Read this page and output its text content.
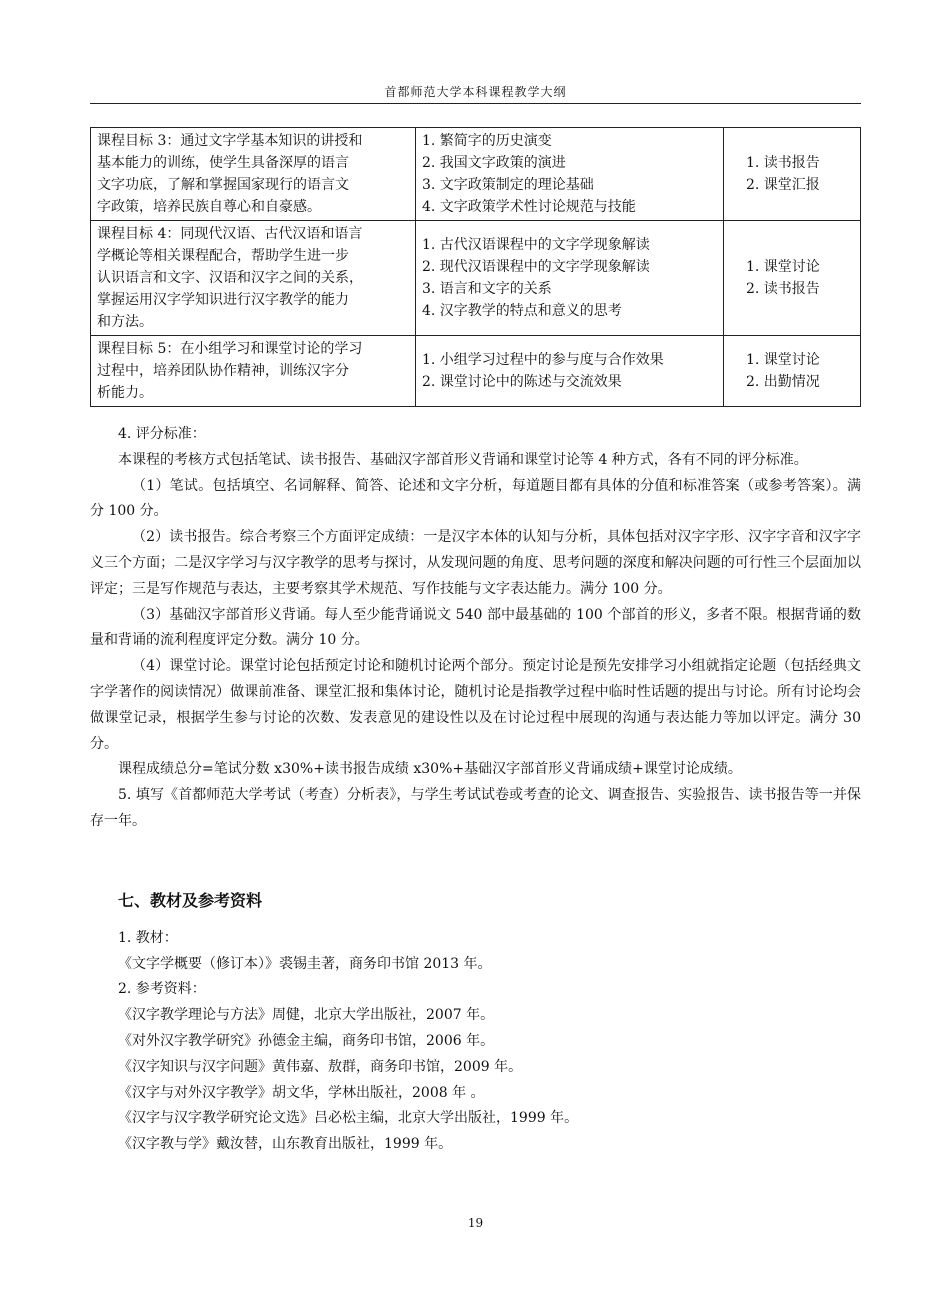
首都师范大学本科课程教学大纲
课程目标 3：通过文字学基本知识的讲授和
基本能力的训练，使学生具备深厚的语言
文字功底，了解和掌握国家现行的语言文
字政策，培养民族自尊心和自豪感。	1. 繁简字的历史演变
2. 我国文字政策的演进
3. 文字政策制定的理论基础
4. 文字政策学术性讨论规范与技能	1. 读书报告
2. 课堂汇报

课程目标 4：同现代汉语、古代汉语和语言
学概论等相关课程配合，帮助学生进一步
认识语言和文字、汉语和汉字之间的关系，
掌握运用汉字学知识进行汉字教学的能力
和方法。	1. 古代汉语课程中的文字学现象解读
2. 现代汉语课程中的文字学现象解读
3. 语言和文字的关系
4. 汉字教学的特点和意义的思考	1. 课堂讨论
2. 读书报告

课程目标 5：在小组学习和课堂讨论的学习
过程中，培养团队协作精神，训练汉字分
析能力。	1. 小组学习过程中的参与度与合作效果
2. 课堂讨论中的陈述与交流效果	1. 课堂讨论
2. 出勤情况

4. 评分标准：

本课程的考核方式包括笔试、读书报告、基础汉字部首形义背诵和课堂讨论等 4 种方式，各有不同的评分标准。

（1）笔试。包括填空、名词解释、简答、论述和文字分析，每道题目都有具体的分值和标准答案（或参考答案）。满分 100 分。

（2）读书报告。综合考察三个方面评定成绩：一是汉字本体的认知与分析，具体包括对汉字字形、汉字字音和汉字字义三个方面；二是汉字学习与汉字教学的思考与探讨，从发现问题的角度、思考问题的深度和解决问题的可行性三个层面加以评定；三是写作规范与表达，主要考察其学术规范、写作技能与文字表达能力。满分 100 分。

（3）基础汉字部首形义背诵。每人至少能背诵说文 540 部中最基础的 100 个部首的形义，多者不限。根据背诵的数量和背诵的流利程度评定分数。满分 10 分。

（4）课堂讨论。课堂讨论包括预定讨论和随机讨论两个部分。预定讨论是预先安排学习小组就指定论题（包括经典文字学著作的阅读情况）做课前准备、课堂汇报和集体讨论，随机讨论是指教学过程中临时性话题的提出与讨论。所有讨论均会做课堂记录，根据学生参与讨论的次数、发表意见的建设性以及在讨论过程中展现的沟通与表达能力等加以评定。满分 30 分。

课程成绩总分=笔试分数 x30%+读书报告成绩 x30%+基础汉字部首形义背诵成绩+课堂讨论成绩。

5. 填写《首都师范大学考试（考查）分析表》，与学生考试试卷或考查的论文、调查报告、实验报告、读书报告等一并保存一年。

七、教材及参考资料

1. 教材：

《文字学概要（修订本）》裘锡圭著，商务印书馆 2013 年。

2. 参考资料：

《汉字教学理论与方法》周健，北京大学出版社，2007 年。

《对外汉字教学研究》孙德金主编，商务印书馆，2006 年。

《汉字知识与汉字问题》黄伟嘉、敖群，商务印书馆，2009 年。

《汉字与对外汉字教学》胡文华，学林出版社，2008 年 。

《汉字与汉字教学研究论文选》吕必松主编，北京大学出版社，1999 年。

《汉字教与学》戴汝替，山东教育出版社，1999 年。

19
